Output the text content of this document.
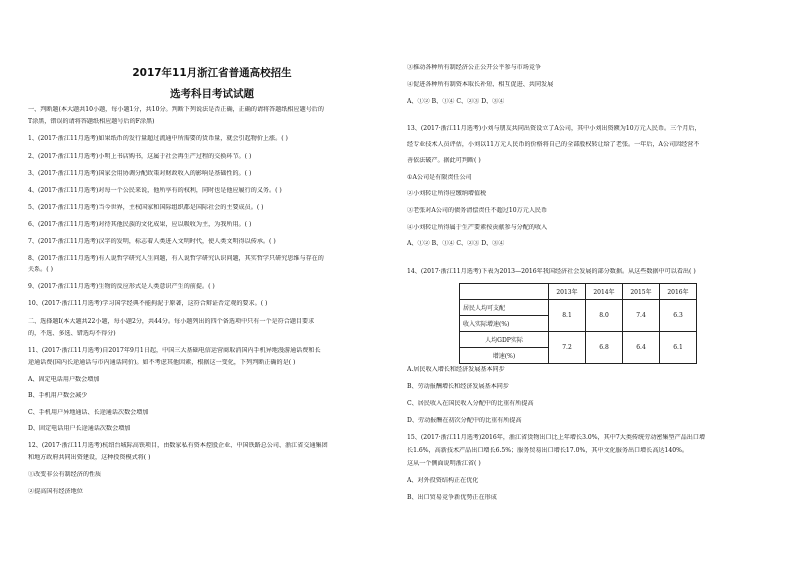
2017年11月浙江省普通高校招生
选考科目考试试题
一、判断题(本大题共10小题，每小题1分，共10分。判断下列说法是否正确，正确的请将答题纸相应题号后的
T涂黑，错误的请将答题纸相应题号后的F涂黑)
1、(2017·浙江11月选考)如果纸币的发行量超过流通中所需要的货币量，就会引起物价上涨。( )
2、(2017·浙江11月选考)小明上书店购书，这属于社会再生产过程的交换环节。( )
3、(2017·浙江11月选考)国家会用协调分配政策对财政收入的影响是基础性的。( )
4、(2017·浙江11月选考)对每一个公民来说，他所享有的权利，同时也是他应履行的义务。( )
5、(2017·浙江11月选考)当今世界，主权国家和国际组织都是国际社会的主要成员。( )
6、(2017·浙江11月选考)对待其他民族的文化成果，应以吸收为主，为我所用。( )
7、(2017·浙江11月选考)汉字的发明，标志着人类进入文明时代，使人类文明得以传承。( )
8、(2017·浙江11月选考)有人说哲学研究人生问题，有人说哲学研究认识问题，其实哲学只研究思维与存在的
关系。( )
9、(2017·浙江11月选考)生物的反应形式是人类意识产生的前提。( )
10、(2017·浙江11月选考)学习国学经典不能拘泥于原著，这符合辩证否定观的要求。( )
二、选择题Ⅰ(本大题共22小题，每小题2分，共44分。每小题列出的四个备选项中只有一个是符合题目要求
的，不选、多选、错选均不得分)
11、(2017·浙江11月选考)自2017年9月1日起，中国三大基础电信运营商取消国内手机异地漫游通话费和长
途通话费(国内长途通话与市内通话同价)。如不考虑其他因素，根据这一变化，下列判断正确的是( )
A、固定电话用户数会增加
B、手机用户数会减少
C、手机用户异地通话、长途通话次数会增加
D、固定电话用户长途通话次数会增加
12、(2017·浙江11月选考)杭绍台城际高铁项目，由数家私有资本控股企业、中国铁路总公司、浙江省交通集团
和地方政府共同出资建设，这种投资模式将( )
①改变非公有制经济的性质
②提高国有经济地位
③推动各种所有制经济公正公开公平参与市场竞争
④促进各种所有制资本取长补短、相互促进、共同发展
A、①② B、①④ C、②③ D、③④
13、(2017·浙江11月选考)小刘与朋友共同出资设立了A公司，其中小刘出资额为10万元人民币。三个月后，
经专业技术人员评估，小刘以11万元人民币的价格将自己的全部股权转让给了老张。一年后，A公司因经营不
善依法破产。据此可判断( )
①A公司是有限责任公司
②小刘转让所得应缴纳增值税
③老张对A公司的债务清偿责任不超过10万元人民币
④小刘转让所得属于生产要素按贡献参与分配的收入
A、①② B、①④ C、②③ D、③④
14、(2017·浙江11月选考)下表为2013—2016年我国经济社会发展的部分数据。从这些数据中可以看出( )
	2013年	2014年	2015年	2016年

居民人均可支配	8.1	8.0	7.4	6.3

收入实际增速(%)				

人均GDP实际	7.2	6.8	6.4	6.1

增速(%)				
A.居民收入增长和经济发展基本同步
B、劳动报酬增长和经济发展基本同步
C、居民收入在国民收入分配中的比重有所提高
D、劳动报酬在初次分配中的比重有所提高
15、(2017·浙江11月选考)2016年，浙江省货物出口比上年增长3.0%，其中7大类传统劳动密集型产品出口增
长1.6%，高新技术产品出口增长6.5%；服务贸易出口增长17.0%，其中文化服务出口增长高达140%。
这从一个侧面说明浙江省( )
A、对外投资结构正在优化
B、出口贸易竞争新优势正在形成
